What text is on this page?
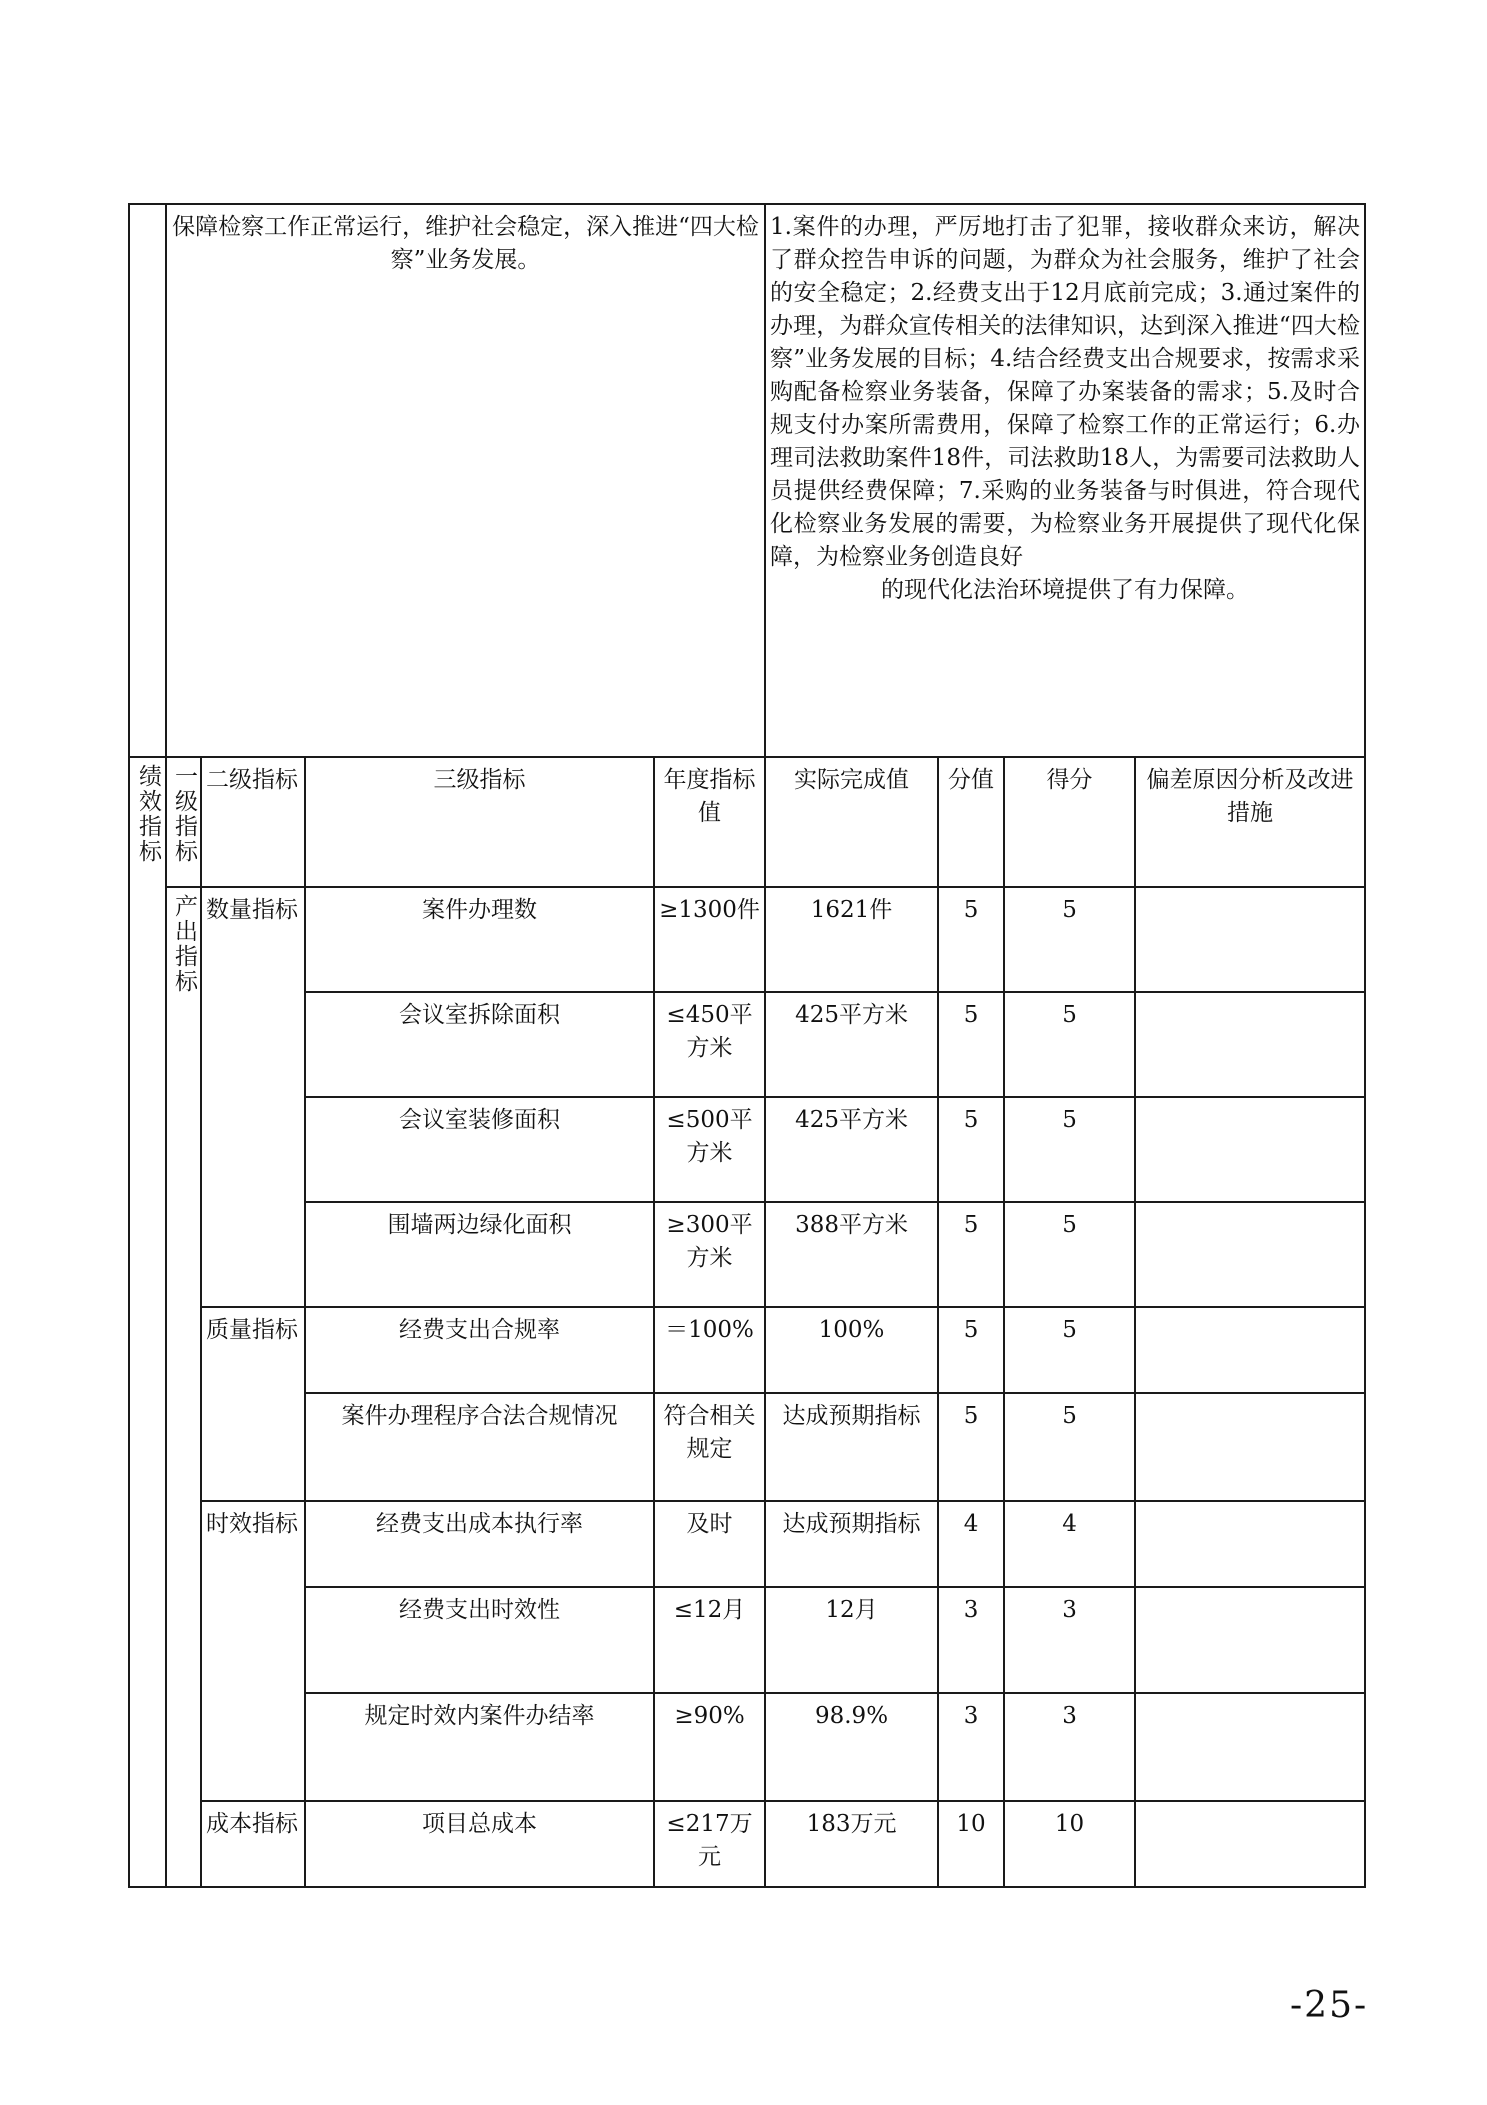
	保障检察工作正常运行，维护社会稳定，深入推进“四大检察”业务发展。				1.案件的办理，严厉地打击了犯罪，接收群众来访，解决了群众控告申诉的问题，为群众为社会服务，维护了社会的安全稳定；2.经费支出于12月底前完成；3.通过案件的办理，为群众宣传相关的法律知识，达到深入推进“四大检察”业务发展的目标；4.结合经费支出合规要求，按需求采购配备检察业务装备，保障了办案装备的需求；5.及时合规支付办案所需费用，保障了检察工作的正常运行；6.办理司法救助案件18件，司法救助18人，为需要司法救助人员提供经费保障；7.采购的业务装备与时俱进，符合现代化检察业务发展的需要，为检察业务开展提供了现代化保障，为检察业务创造良好
的现代化法治环境提供了有力保障。			

绩效指标	一级指标	二级指标	三级指标	年度指标值	实际完成值	分值	得分	偏差原因分析及改进措施
	产出指标	数量指标	案件办理数	≥1300件	1621件	5	5	
			会议室拆除面积	≤450平方米	425平方米	5	5	
			会议室装修面积	≤500平方米	425平方米	5	5	
			围墙两边绿化面积	≥300平方米	388平方米	5	5	
		质量指标	经费支出合规率	＝100%	100%	5	5	
			案件办理程序合法合规情况	符合相关规定	达成预期指标	5	5	
		时效指标	经费支出成本执行率	及时	达成预期指标	4	4	
			经费支出时效性	≤12月	12月	3	3	
			规定时效内案件办结率	≥90%	98.9%	3	3	
		成本指标	项目总成本	≤217万元	183万元	10	10	
-25-
